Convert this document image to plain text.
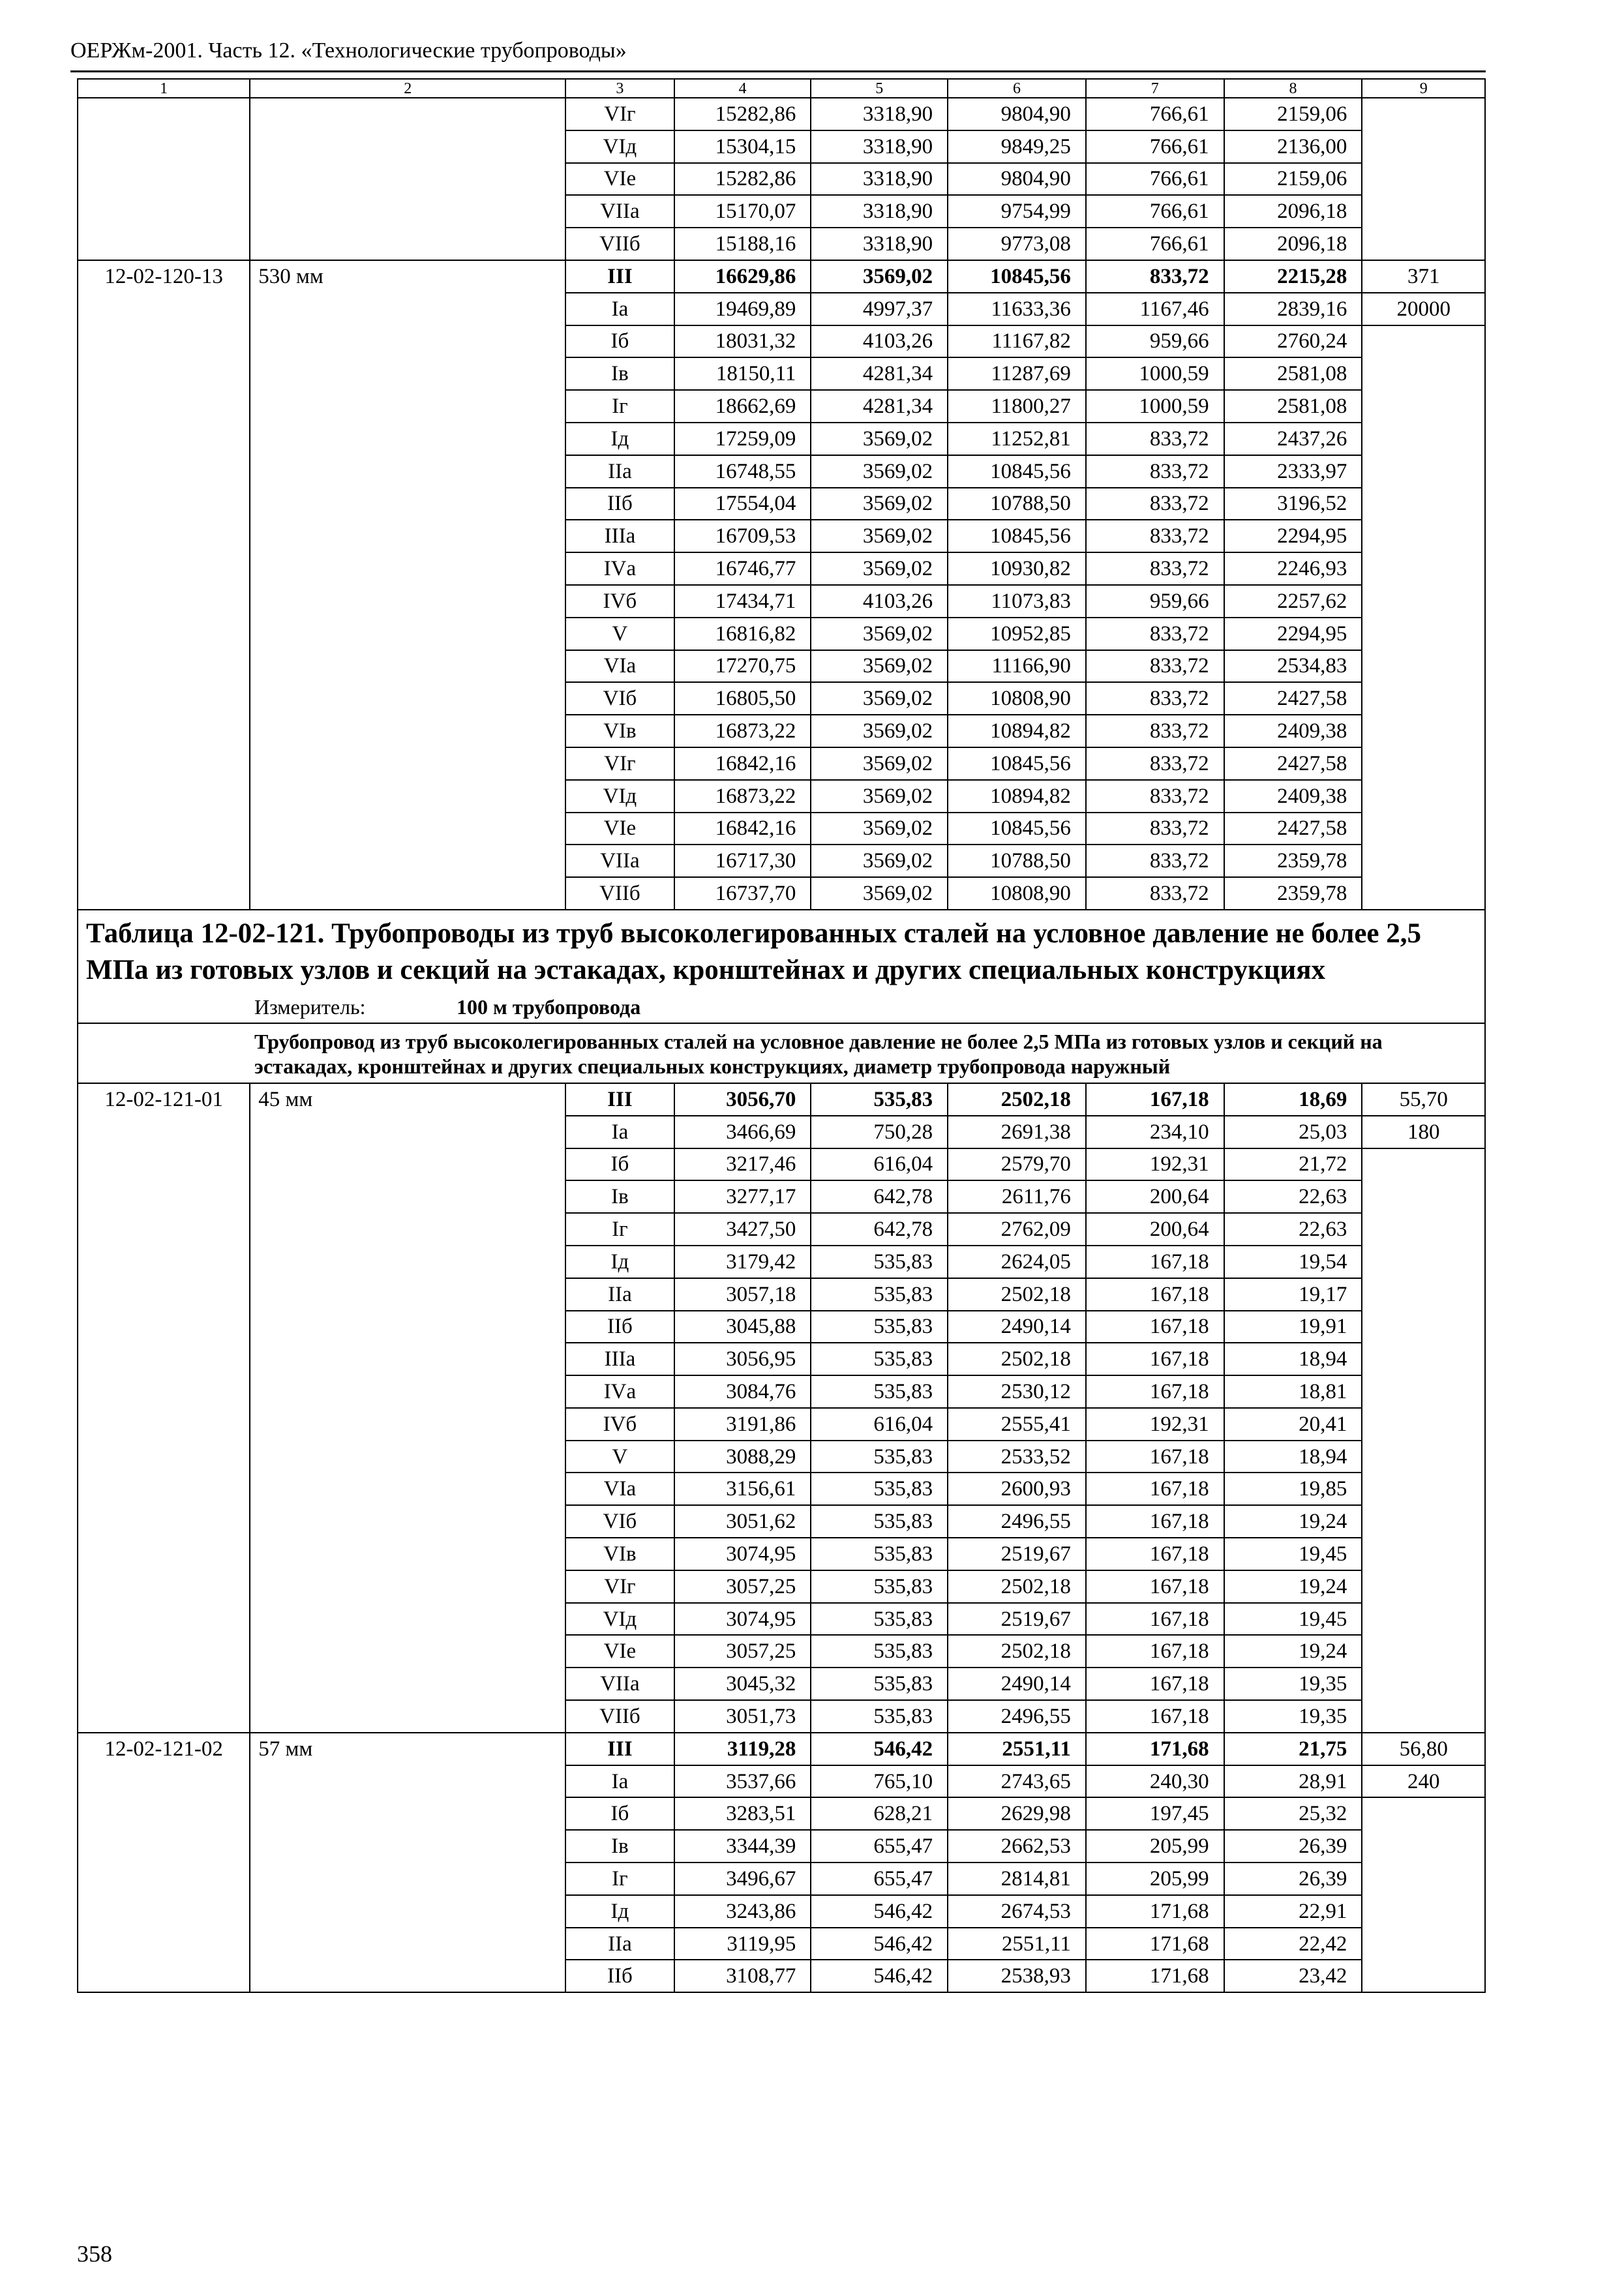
ОЕРЖм-2001. Часть 12. «Технологические трубопроводы»
1	2	3	4	5	6	7	8	9
		VIг	15282,86	3318,90	9804,90	766,61	2159,06	
		VIд	15304,15	3318,90	9849,25	766,61	2136,00	
		VIе	15282,86	3318,90	9804,90	766,61	2159,06	
		VIIа	15170,07	3318,90	9754,99	766,61	2096,18	
		VIIб	15188,16	3318,90	9773,08	766,61	2096,18	
12-02-120-13	530 мм	III	16629,86	3569,02	10845,56	833,72	2215,28	371
		Iа	19469,89	4997,37	11633,36	1167,46	2839,16	20000
		Iб	18031,32	4103,26	11167,82	959,66	2760,24	
		Iв	18150,11	4281,34	11287,69	1000,59	2581,08	
		Iг	18662,69	4281,34	11800,27	1000,59	2581,08	
		Iд	17259,09	3569,02	11252,81	833,72	2437,26	
		IIа	16748,55	3569,02	10845,56	833,72	2333,97	
		IIб	17554,04	3569,02	10788,50	833,72	3196,52	
		IIIа	16709,53	3569,02	10845,56	833,72	2294,95	
		IVа	16746,77	3569,02	10930,82	833,72	2246,93	
		IVб	17434,71	4103,26	11073,83	959,66	2257,62	
		V	16816,82	3569,02	10952,85	833,72	2294,95	
		VIа	17270,75	3569,02	11166,90	833,72	2534,83	
		VIб	16805,50	3569,02	10808,90	833,72	2427,58	
		VIв	16873,22	3569,02	10894,82	833,72	2409,38	
		VIг	16842,16	3569,02	10845,56	833,72	2427,58	
		VIд	16873,22	3569,02	10894,82	833,72	2409,38	
		VIе	16842,16	3569,02	10845,56	833,72	2427,58	
		VIIа	16717,30	3569,02	10788,50	833,72	2359,78	
		VIIб	16737,70	3569,02	10808,90	833,72	2359,78	
Таблица 12-02-121. Трубопроводы из труб высоколегированных сталей на условное давление не более 2,5 МПа из готовых узлов и секций на эстакадах, кронштейнах и других специальных конструкциях								
Измеритель: 100 м трубопровода								
Трубопровод из труб высоколегированных сталей на условное давление не более 2,5 МПа из готовых узлов и секций на эстакадах, кронштейнах и других специальных конструкциях, диаметр трубопровода наружный								
12-02-121-01	45 мм	III	3056,70	535,83	2502,18	167,18	18,69	55,70
		Iа	3466,69	750,28	2691,38	234,10	25,03	180
		Iб	3217,46	616,04	2579,70	192,31	21,72	
		Iв	3277,17	642,78	2611,76	200,64	22,63	
		Iг	3427,50	642,78	2762,09	200,64	22,63	
		Iд	3179,42	535,83	2624,05	167,18	19,54	
		IIа	3057,18	535,83	2502,18	167,18	19,17	
		IIб	3045,88	535,83	2490,14	167,18	19,91	
		IIIа	3056,95	535,83	2502,18	167,18	18,94	
		IVа	3084,76	535,83	2530,12	167,18	18,81	
		IVб	3191,86	616,04	2555,41	192,31	20,41	
		V	3088,29	535,83	2533,52	167,18	18,94	
		VIа	3156,61	535,83	2600,93	167,18	19,85	
		VIб	3051,62	535,83	2496,55	167,18	19,24	
		VIв	3074,95	535,83	2519,67	167,18	19,45	
		VIг	3057,25	535,83	2502,18	167,18	19,24	
		VIд	3074,95	535,83	2519,67	167,18	19,45	
		VIе	3057,25	535,83	2502,18	167,18	19,24	
		VIIа	3045,32	535,83	2490,14	167,18	19,35	
		VIIб	3051,73	535,83	2496,55	167,18	19,35	
12-02-121-02	57 мм	III	3119,28	546,42	2551,11	171,68	21,75	56,80
		Iа	3537,66	765,10	2743,65	240,30	28,91	240
		Iб	3283,51	628,21	2629,98	197,45	25,32	
		Iв	3344,39	655,47	2662,53	205,99	26,39	
		Iг	3496,67	655,47	2814,81	205,99	26,39	
		Iд	3243,86	546,42	2674,53	171,68	22,91	
		IIа	3119,95	546,42	2551,11	171,68	22,42	
		IIб	3108,77	546,42	2538,93	171,68	23,42	
358
